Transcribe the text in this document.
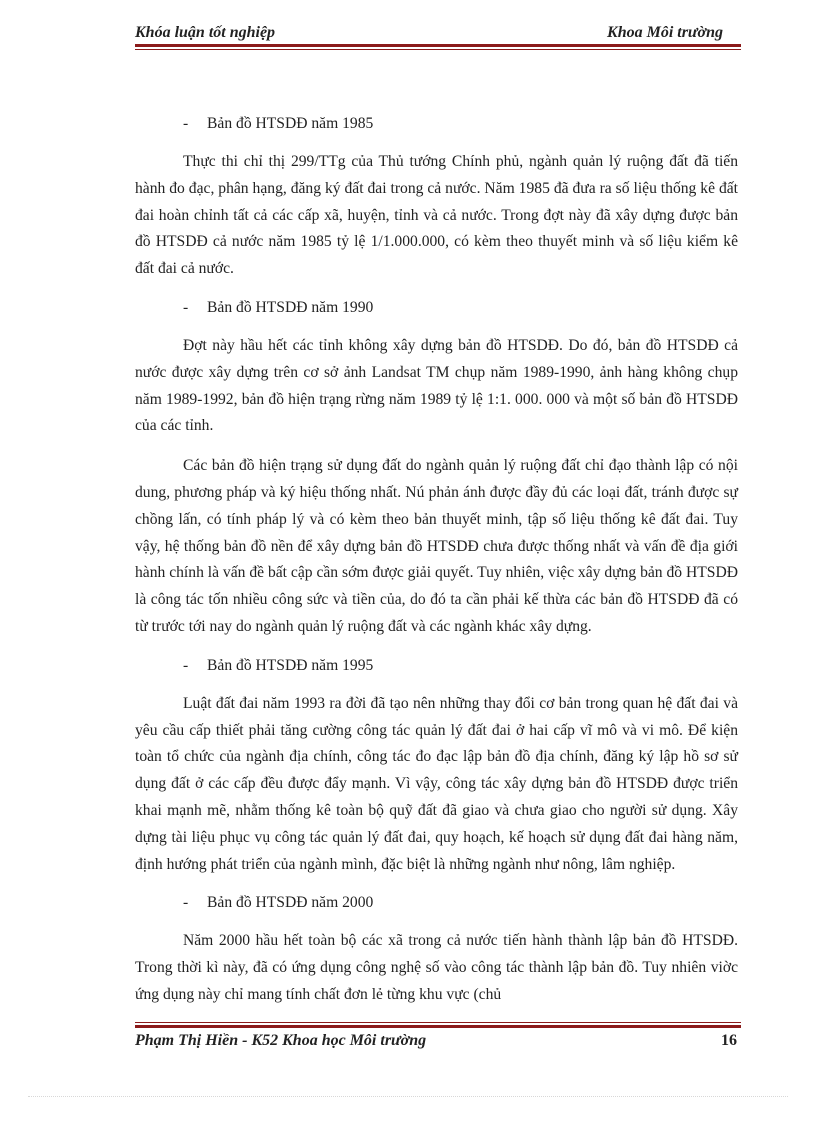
Khóa luận tốt nghiệp	Khoa Môi trường
- Bản đồ HTSDĐ năm 1985

Thực thi chỉ thị 299/TTg của Thủ tướng Chính phủ, ngành quản lý ruộng đất đã tiến hành đo đạc, phân hạng, đăng ký đất đai trong cả nước. Năm 1985 đã đưa ra số liệu thống kê đất đai hoàn chỉnh tất cả các cấp xã, huyện, tỉnh và cả nước. Trong đợt này đã xây dựng được bản đồ HTSDĐ cả nước năm 1985 tỷ lệ 1/1.000.000, có kèm theo thuyết minh và số liệu kiểm kê đất đai cả nước.

- Bản đồ HTSDĐ năm 1990

Đợt này hầu hết các tỉnh không xây dựng bản đồ HTSDĐ. Do đó, bản đồ HTSDĐ cả nước được xây dựng trên cơ sở ảnh Landsat TM chụp năm 1989-1990, ảnh hàng không chụp năm 1989-1992, bản đồ hiện trạng rừng năm 1989 tỷ lệ 1:1. 000. 000 và một số bản đồ HTSDĐ của các tỉnh.

Các bản đồ hiện trạng sử dụng đất do ngành quản lý ruộng đất chỉ đạo thành lập có nội dung, phương pháp và ký hiệu thống nhất. Nú phản ánh được đầy đủ các loại đất, tránh được sự chồng lấn, có tính pháp lý và có kèm theo bản thuyết minh, tập số liệu thống kê đất đai. Tuy vậy, hệ thống bản đồ nền để xây dựng bản đồ HTSDĐ chưa được thống nhất và vấn đề địa giới hành chính là vấn đề bất cập cần sớm được giải quyết. Tuy nhiên, việc xây dựng bản đồ HTSDĐ là công tác tốn nhiều công sức và tiền của, do đó ta cần phải kế thừa các bản đồ HTSDĐ đã có từ trước tới nay do ngành quản lý ruộng đất và các ngành khác xây dựng.

- Bản đồ HTSDĐ năm 1995

Luật đất đai năm 1993 ra đời đã tạo nên những thay đổi cơ bản trong quan hệ đất đai và yêu cầu cấp thiết phải tăng cường công tác quản lý đất đai ở hai cấp vĩ mô và vi mô. Để kiện toàn tổ chức của ngành địa chính, công tác đo đạc lập bản đồ địa chính, đăng ký lập hồ sơ sử dụng đất ở các cấp đều được đẩy mạnh. Vì vậy, công tác xây dựng bản đồ HTSDĐ được triển khai mạnh mẽ, nhằm thống kê toàn bộ quỹ đất đã giao và chưa giao cho người sử dụng. Xây dựng tài liệu phục vụ công tác quản lý đất đai, quy hoạch, kế hoạch sử dụng đất đai hàng năm, định hướng phát triển của ngành mình, đặc biệt là những ngành như nông, lâm nghiệp.

- Bản đồ HTSDĐ năm 2000

Năm 2000 hầu hết toàn bộ các xã trong cả nước tiến hành thành lập bản đồ HTSDĐ. Trong thời kì này, đã có ứng dụng công nghệ số vào công tác thành lập bản đồ. Tuy nhiên viờc ứng dụng này chỉ mang tính chất đơn lẻ từng khu vực (chủ

Phạm Thị Hiền - K52 Khoa học Môi trường	16
